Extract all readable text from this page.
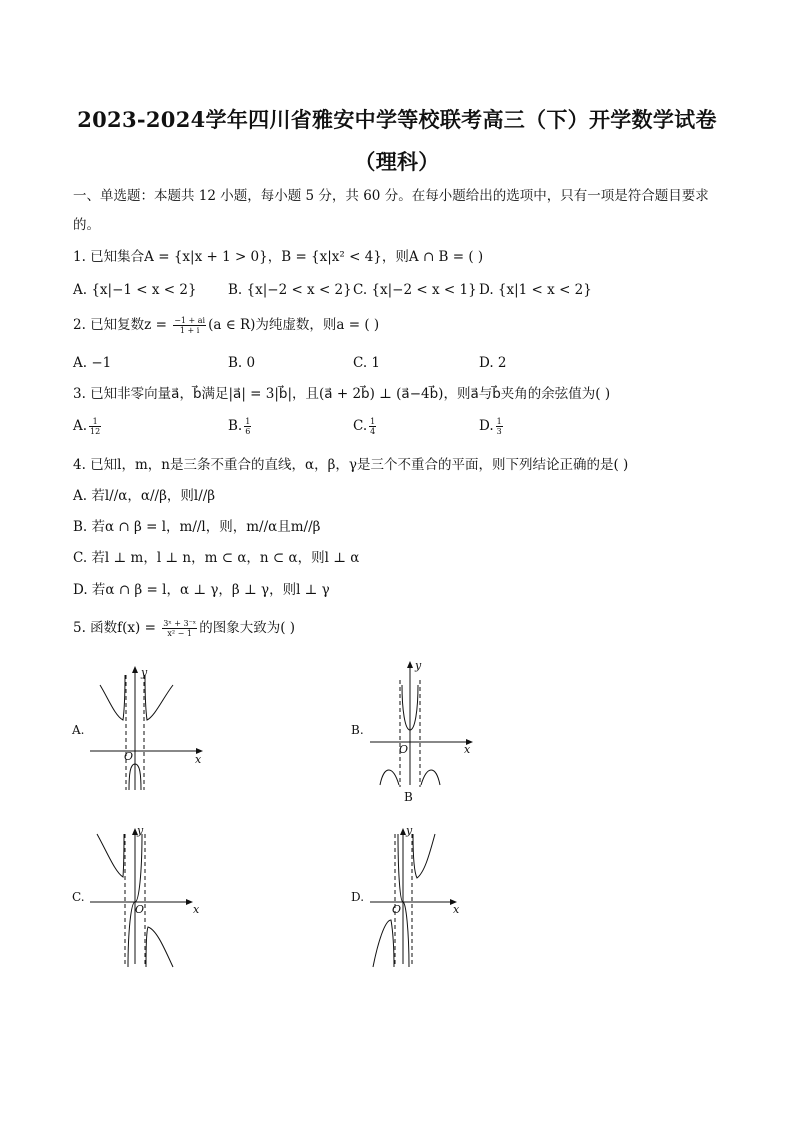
2023-2024学年四川省雅安中学等校联考高三（下）开学数学试卷
（理科）
一、单选题：本题共 12 小题，每小题 5 分，共 60 分。在每小题给出的选项中，只有一项是符合题目要求
的。
1. 已知集合A = {x|x + 1 > 0}，B = {x|x² < 4}，则A ∩ B = ( )
A. {x|−1 < x < 2} B. {x|−2 < x < 2} C. {x|−2 < x < 1} D. {x|1 < x < 2}
2. 已知复数$z = \frac{-1 + ai}{1 + i} (a$ ∈ R)为纯虚数，则a = ( )
A. −1	B. 0	C. 1	D. 2
3. 已知非零向量a⃗，b⃗满足|a⃗| = 3|b⃗|，且(a⃗ + 2b⃗) ⊥ (a⃗−4b⃗)，则a⃗与b⃗夹角的余弦值为( )
A. $\frac{1}{12}$	B. $\frac{1}{6}$	C. $\frac{1}{4}$	D. $\frac{1}{3}$
4. 已知l，m，n是三条不重合的直线，α，β，γ是三个不重合的平面，则下列结论正确的是( )
A. 若l//α，α//β，则l//β
B. 若α ∩ β = l，m//l，则，m//α且m//β
C. 若l ⊥ m，l ⊥ n，m ⊂ α，n ⊂ α，则l ⊥ α
D. 若α ∩ β = l，α ⊥ γ，β ⊥ γ，则l ⊥ γ
5. 函数$f(x) = \frac{\text{3ˣ + 3⁻ˣ}}{\text{x² − 1}}$ 的图象大致为( )
A.
y
x
O
B.
y
x
O
B
C.
y
x
O
D.
y
x
O
